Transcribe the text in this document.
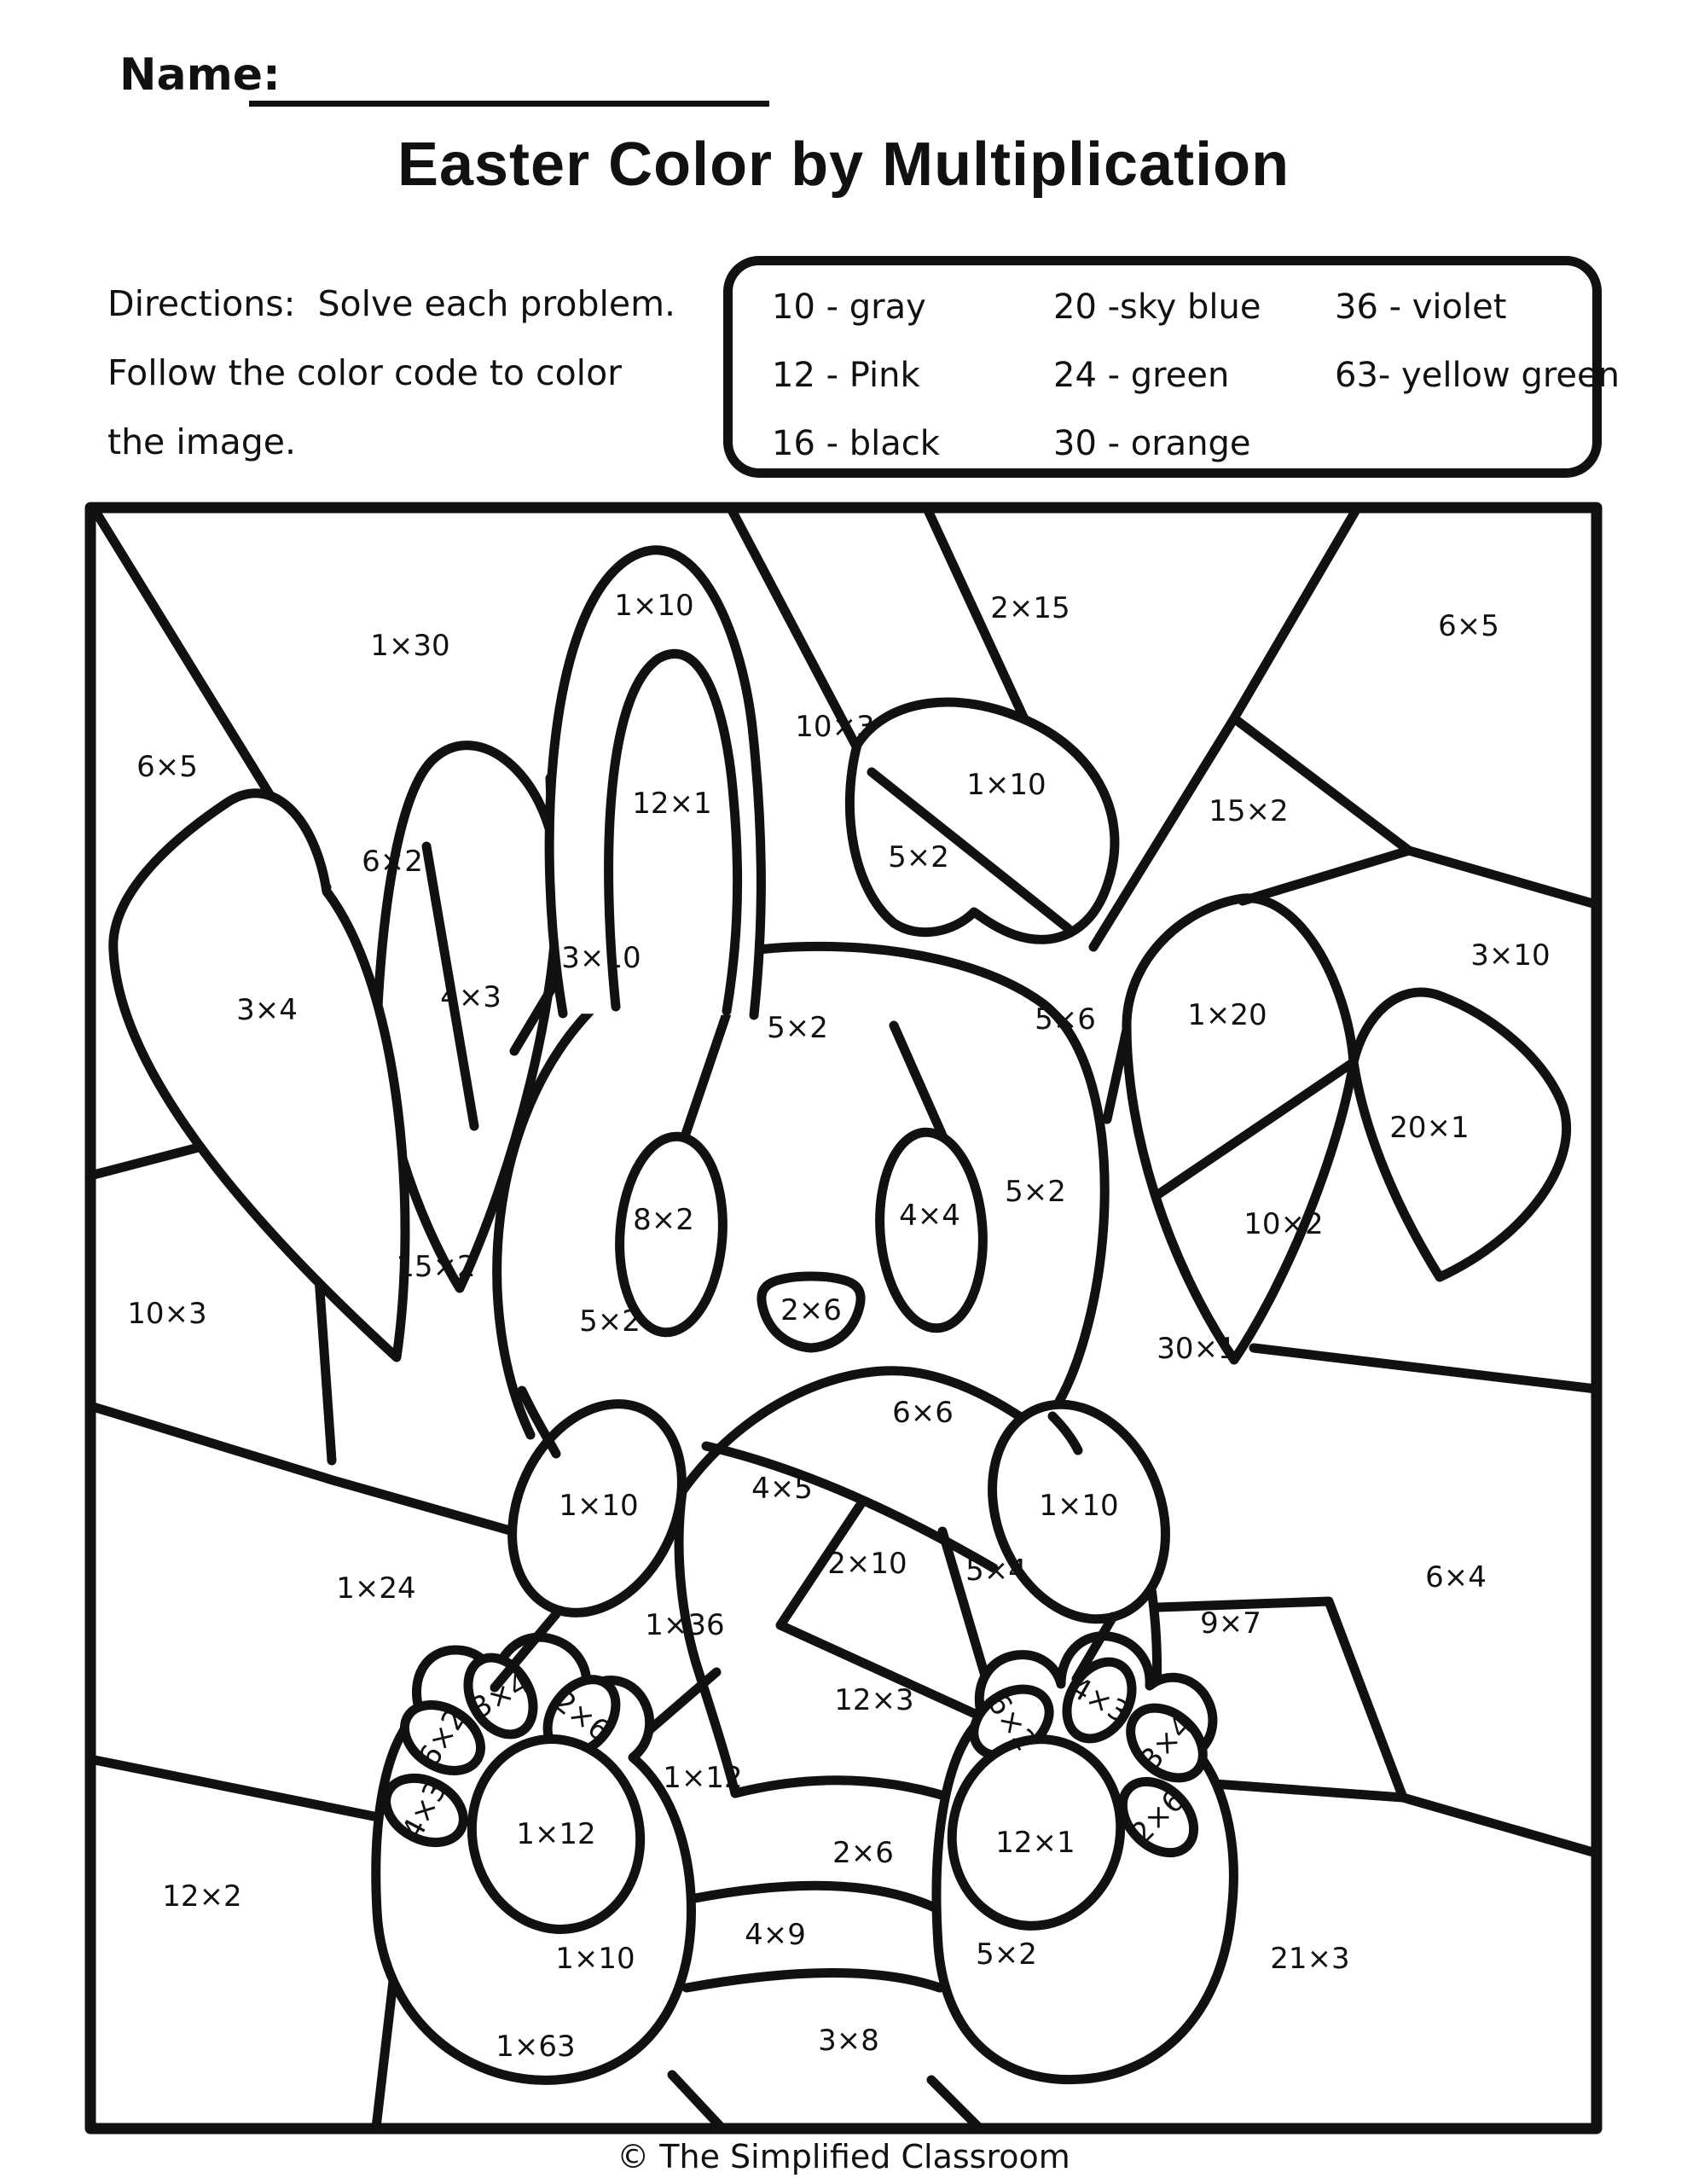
Name:
Easter Color by Multiplication
Directions:  Solve each problem.
Follow the color code to color
the image.
10 - gray	20 -sky blue	36 - violet
12 - Pink	24 - green	63- yellow green
16 - black	30 - orange
1×30
6×5
10×3
2×15
6×5
1×10
12×1
1×10
5×2
15×2
3×10
3×10
6×2
3×4	4×3
1×20
20×1
10×2
5×6
5×2
8×2	4×4
5×2
15×2
10×3	2×6
5×2
30×1
6×6
4×5
1×10	1×10
2×10 5×4
1×24	6×4
1×36	9×7
12×3
1×12
12×2
1×63	3×8
21×3
4×9
2×6
6×2
3×4 2×6
4×3 1×12
1×10
6×2 4×3
3×4
2×6
12×1
5×2
© The Simplified Classroom
